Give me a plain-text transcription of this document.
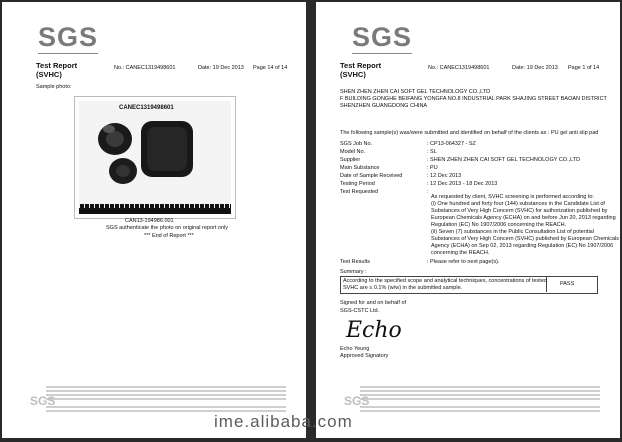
SGS
Test Report
(SVHC)
No.: CANEC1319498601	Date: 19 Dec 2013 Page 14 of 14
Sample photo:
CANEC1319498601
CAN13-194986.001
SGS authenticate the photo on original report only
*** End of Report ***
SGS
SGS
Test Report
(SVHC)
No.: CANEC1319498601	Date: 19 Dec 2013 Page 1 of 14
SHEN ZHEN ZHEN CAI SOFT GEL TECHNOLOGY CO.,LTD
F BUILDING GONGHE BEIFANG YONGFA NO.8 INDUSTRIAL PARK SHAJING STREET BAOAN DISTRICT
SHENZHEN GUANGDONG CHINA
The following sample(s) was/were submitted and identified on behalf of the clients as : PU gel anti slip pad
SGS Job No.	: CP13-064327 - SZ
Model No.	: SL
Supplier	: SHEN ZHEN ZHEN CAI SOFT GEL TECHNOLOGY CO.,LTD
Main Substance	: PU
Date of Sample Received	: 12 Dec 2013
Testing Period	: 12 Dec 2013 - 18 Dec 2013
Test Requested	:
As requested by client, SVHC screening is performed according to:
(i) One hundred and forty four (144) substances in the Candidate List of
Substances of Very High Concern (SVHC) for authorization published by
European Chemicals Agency (ECHA) on and before Jun 20, 2013 regarding
Regulation (EC) No 1907/2006 concerning the REACH.
(ii) Seven (7) substances in the Public Consultation List of potential
Substances of Very High Concern (SVHC) published by European Chemicals
Agency (ECHA) on Sep 02, 2013 regarding Regulation (EC) No 1907/2006
concerning the REACH.
Test Results	: Please refer to next page(s).
Summary :
According to the specified scope and analytical techniques, concentrations of tested
SVHC are ≤ 0.1% (w/w) in the submitted sample.
PASS
Signed for and on behalf of
SGS-CSTC Ltd.
Echo
Echo Yeung
Approved Signatory
SGS
ime.alibaba.com
